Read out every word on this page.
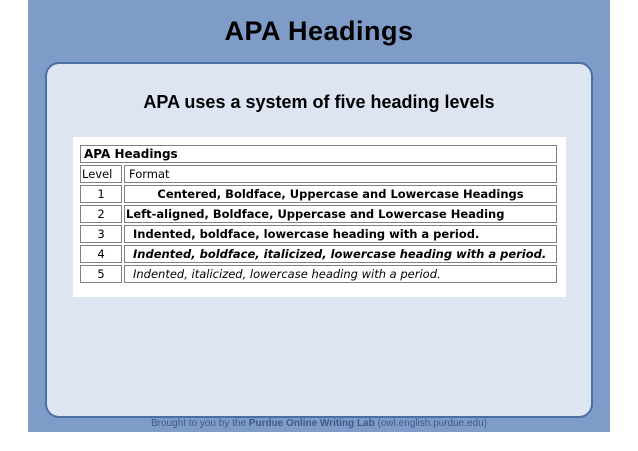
APA Headings
APA uses a system of five heading levels
APA Headings	
Level	Format
1	Centered, Boldface, Uppercase and Lowercase Headings
2	Left-aligned, Boldface, Uppercase and Lowercase Heading
3	Indented, boldface, lowercase heading with a period.
4	Indented, boldface, italicized, lowercase heading with a period.
5	Indented, italicized, lowercase heading with a period.
Brought to you by the Purdue Online Writing Lab (owl.english.purdue.edu)
